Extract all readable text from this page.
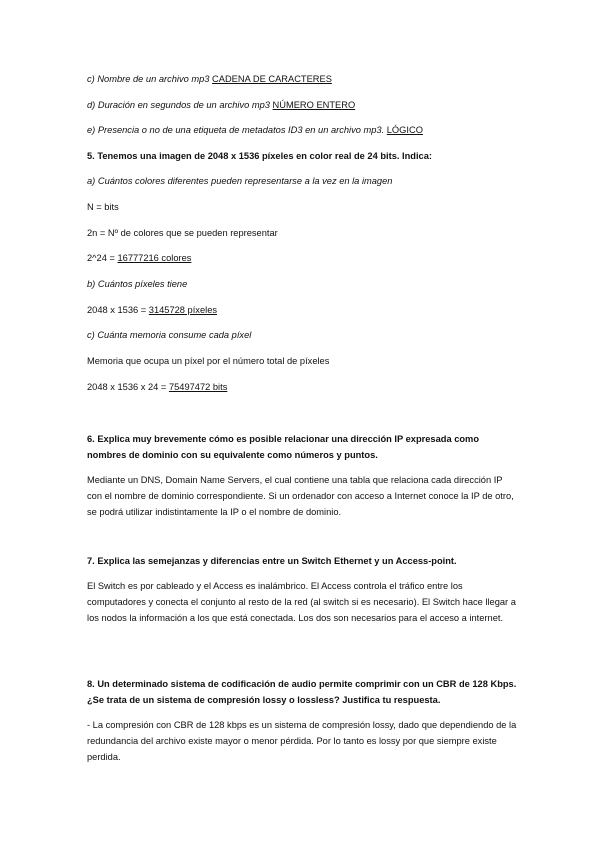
c) Nombre de un archivo mp3 CADENA DE CARACTERES
d) Duración en segundos de un archivo mp3 NÚMERO ENTERO
e) Presencia o no de una etiqueta de metadatos ID3 en un archivo mp3. LÓGICO
5. Tenemos una imagen de 2048 x 1536 píxeles en color real de 24 bits. Indica:
a) Cuántos colores diferentes pueden representarse a la vez en la imagen
N = bits
2n = Nº de colores que se pueden representar
2^24 = 16777216 colores
b) Cuántos píxeles tiene
2048 x 1536 = 3145728 píxeles
c) Cuánta memoria consume cada píxel
Memoria que ocupa un píxel por el número total de píxeles
2048 x 1536 x 24 = 75497472 bits
6. Explica muy brevemente cómo es posible relacionar una dirección IP expresada como nombres de dominio con su equivalente como números y puntos.
Mediante un DNS, Domain Name Servers, el cual contiene una tabla que relaciona cada dirección IP con el nombre de dominio correspondiente. Si un ordenador con acceso a Internet conoce la IP de otro, se podrá utilizar indistintamente la IP o el nombre de dominio.
7. Explica las semejanzas y diferencias entre un Switch Ethernet y un Access-point.
El Switch es por cableado y el Access es inalámbrico. El Access controla el tráfico entre los computadores y conecta el conjunto al resto de la red (al switch si es necesario). El Switch hace llegar a los nodos la información a los que está conectada. Los dos son necesarios para el acceso a internet.
8. Un determinado sistema de codificación de audio permite comprimir con un CBR de 128 Kbps. ¿Se trata de un sistema de compresión lossy o lossless? Justifica tu respuesta.
- La compresión con CBR de 128 kbps es un sistema de compresión lossy, dado que dependiendo de la redundancia del archivo existe mayor o menor pérdida. Por lo tanto es lossy por que siempre existe perdida.
